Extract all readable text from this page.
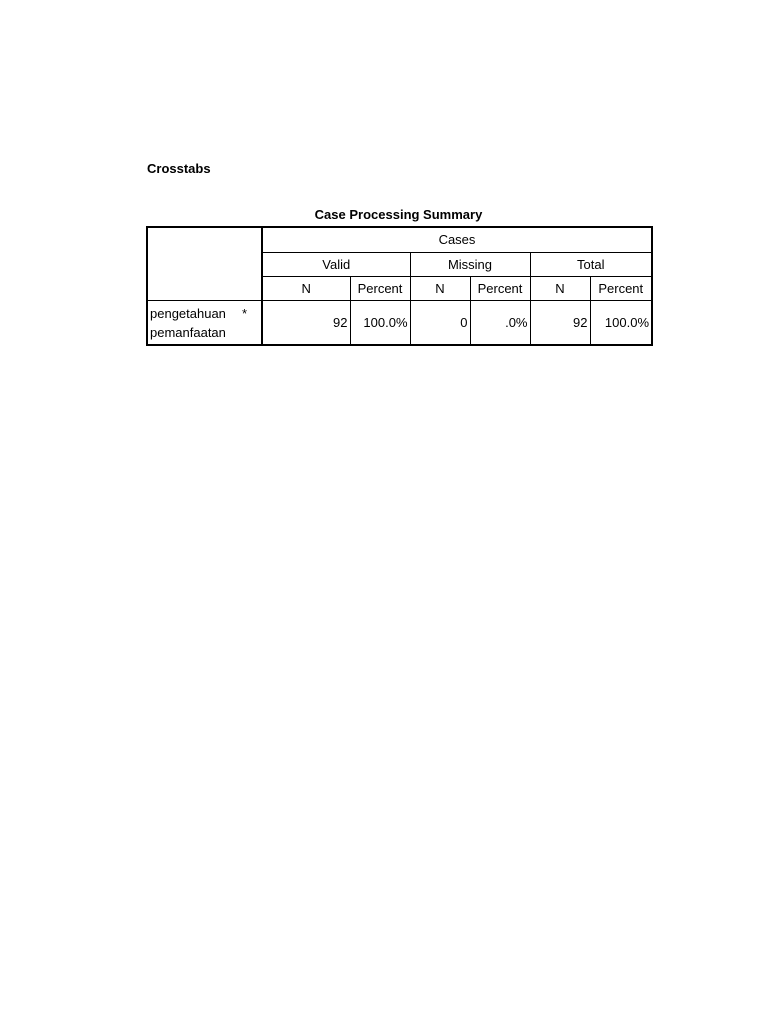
Crosstabs
Case Processing Summary
	Cases					
	Valid		Missing		Total	
	N	Percent	N	Percent	N	Percent

pengetahuan *
pemanfaatan	92	100.0%	0	.0%	92	100.0%
